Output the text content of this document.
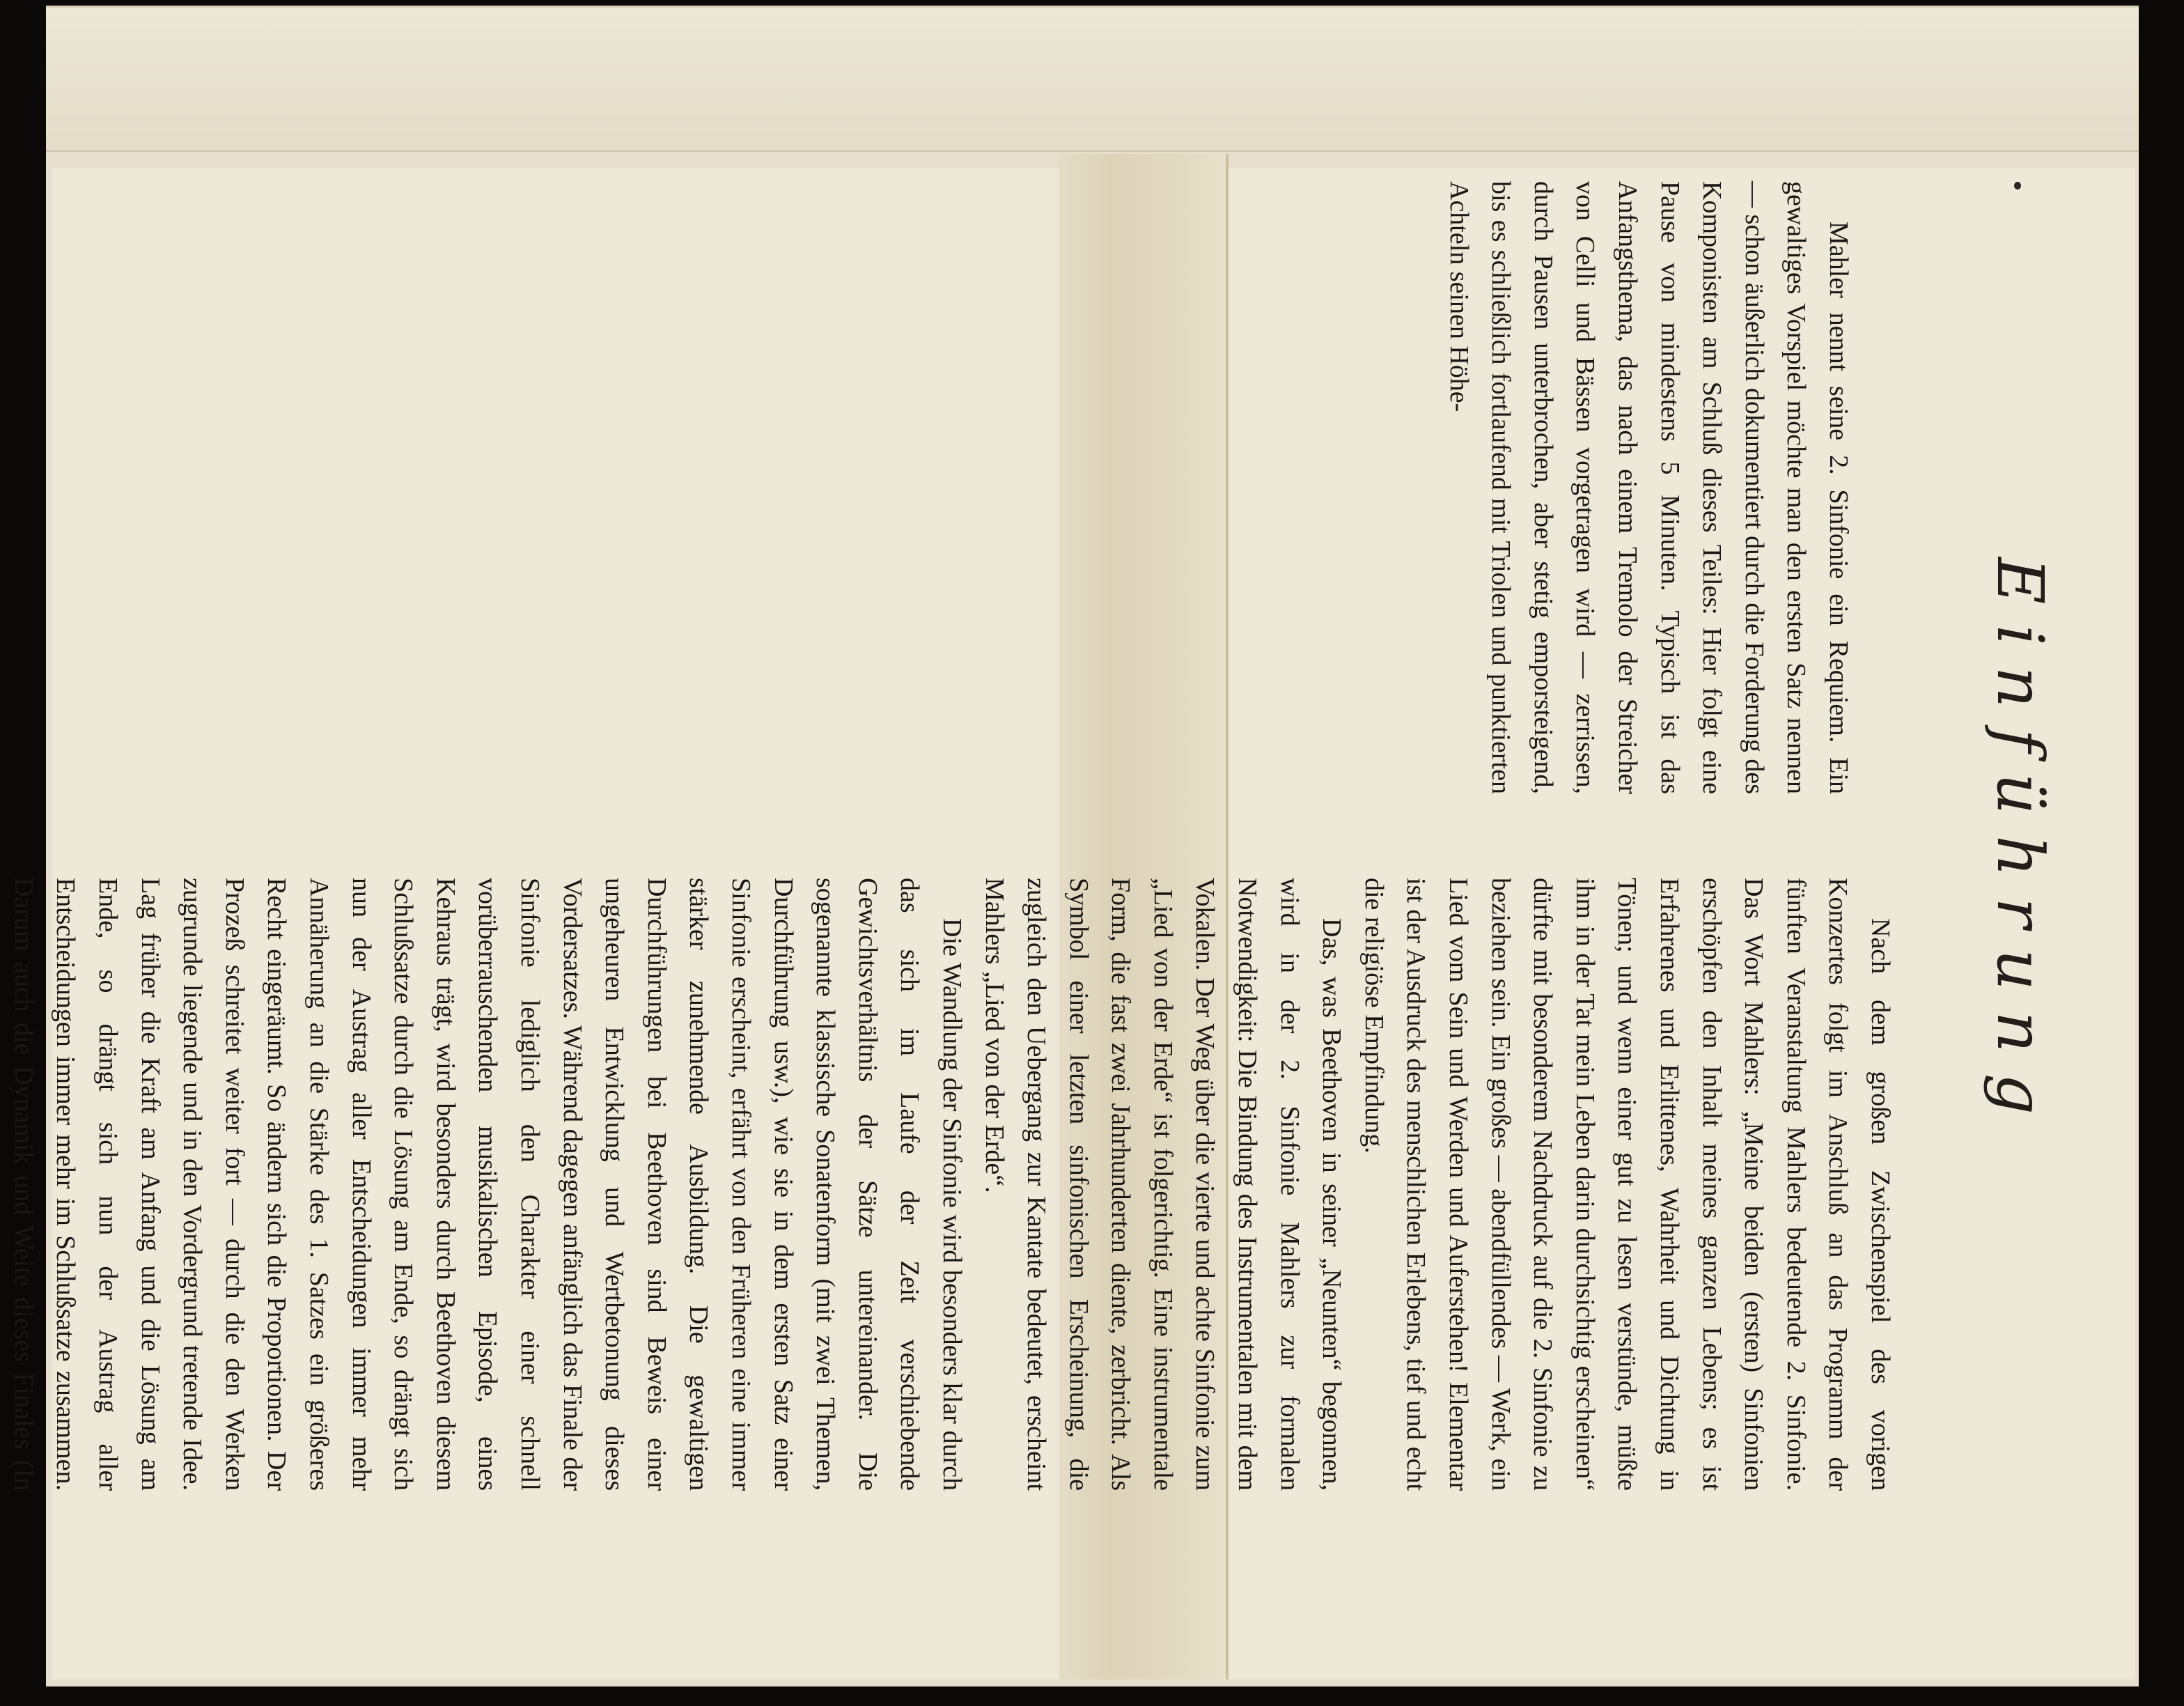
Einführung

Nach dem großen Zwischenspiel des vorigen Konzertes folgt im Anschluß an das Programm der fünften Veranstaltung Mahlers bedeutende 2. Sinfonie. Das Wort Mahlers: „Meine beiden (ersten) Sinfonien erschöpfen den Inhalt meines ganzen Lebens; es ist Erfahrenes und Erlittenes, Wahrheit und Dichtung in Tönen; und wenn einer gut zu lesen verstünde, müßte ihm in der Tat mein Leben darin durchsichtig erscheinen“ dürfte mit besonderem Nachdruck auf die 2. Sinfonie zu beziehen sein. Ein großes — abendfüllendes — Werk, ein Lied vom Sein und Werden und Auferstehen! Elementar ist der Ausdruck des menschlichen Erlebens, tief und echt die religiöse Empfindung.

Das, was Beethoven in seiner „Neunten“ begonnen, wird in der 2. Sinfonie Mahlers zur formalen Notwendigkeit: Die Bindung des Instrumentalen mit dem Vokalen. Der Weg über die vierte und achte Sinfonie zum „Lied von der Erde“ ist folgerichtig. Eine instrumentale Form, die fast zwei Jahrhunderten diente, zerbricht. Als Symbol einer letzten sinfonischen Erscheinung, die zugleich den Uebergang zur Kantate bedeutet, erscheint Mahlers „Lied von der Erde“.

Die Wandlung der Sinfonie wird besonders klar durch das sich im Laufe der Zeit verschiebende Gewichtsverhältnis der Sätze untereinander. Die sogenannte klassische Sonatenform (mit zwei Themen, Durchführung usw.), wie sie in dem ersten Satz einer Sinfonie erscheint, erfährt von den Früheren eine immer stärker zunehmende Ausbildung. Die gewaltigen Durchführungen bei Beethoven sind Beweis einer ungeheuren Entwicklung und Wertbetonung dieses Vordersatzes. Während dagegen anfänglich das Finale der Sinfonie lediglich den Charakter einer schnell vorüberrauschenden musikalischen Episode, eines Kehraus trägt, wird besonders durch Beethoven diesem Schlußsatze durch die Lösung am Ende, so drängt sich nun der Austrag aller Entscheidungen immer mehr Annäherung an die Stärke des 1. Satzes ein größeres Recht eingeräumt. So ändern sich die Proportionen. Der Prozeß schreitet weiter fort — durch die den Werken zugrunde liegende und in den Vordergrund tretende Idee. Lag früher die Kraft am Anfang und die Lösung am Ende, so drängt sich nun der Austrag aller Entscheidungen immer mehr im Schlußsatze zusammen. Darum auch die Dynamik und Weite dieses Finales (In

Mahler nennt seine 2. Sinfonie ein Requiem. Ein gewaltiges Vorspiel möchte man den ersten Satz nennen — schon äußerlich dokumentiert durch die Forderung des Komponisten am Schluß dieses Teiles: Hier folgt eine Pause von mindestens 5 Minuten. Typisch ist das Anfangsthema, das nach einem Tremolo der Streicher von Celli und Bässen vorgetragen wird — zerrissen, durch Pausen unterbrochen, aber stetig emporsteigend, bis es schließlich fortlaufend mit Triolen und punktierten Achteln seinen Höhe-
